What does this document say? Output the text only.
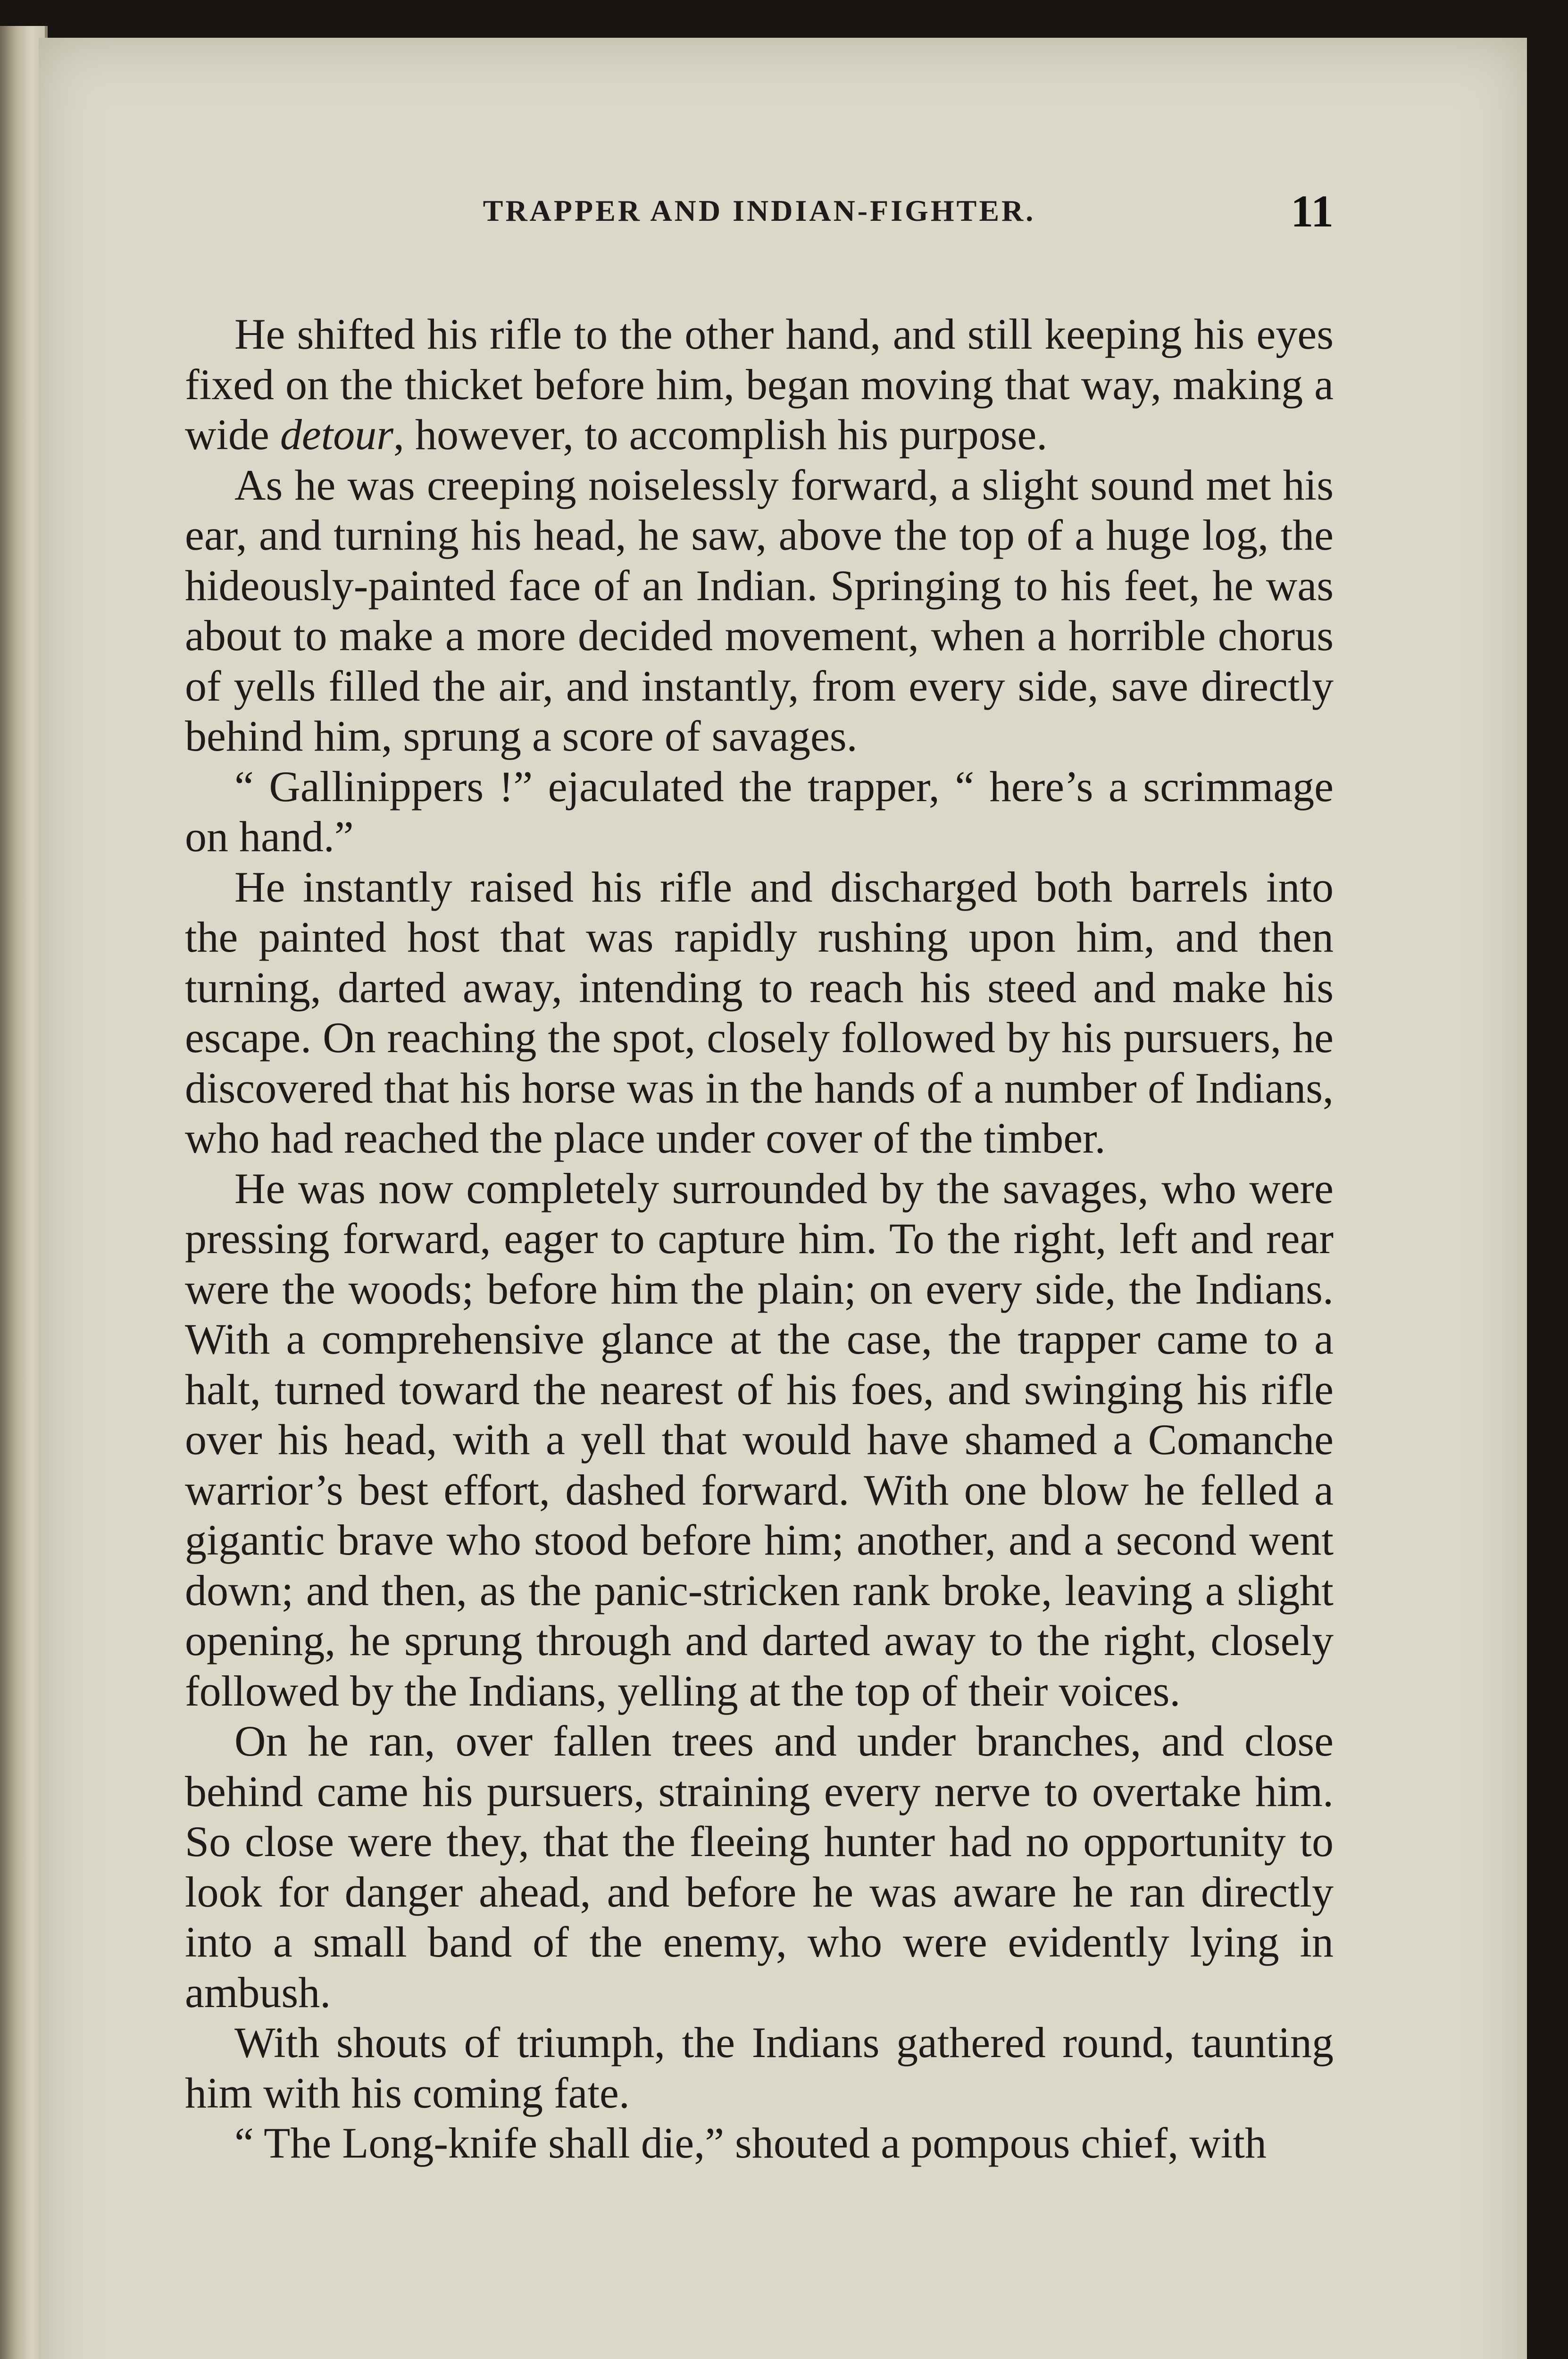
TRAPPER AND INDIAN-FIGHTER.	11

He shifted his rifle to the other hand, and still keeping his eyes fixed on the thicket before him, began moving that way, making a wide detour, however, to accomplish his purpose.

As he was creeping noiselessly forward, a slight sound met his ear, and turning his head, he saw, above the top of a huge log, the hideously-painted face of an Indian. Springing to his feet, he was about to make a more decided movement, when a horrible chorus of yells filled the air, and instantly, from every side, save directly behind him, sprung a score of savages.

“ Gallinippers !” ejaculated the trapper, “ here’s a scrimmage on hand.”

He instantly raised his rifle and discharged both barrels into the painted host that was rapidly rushing upon him, and then turning, darted away, intending to reach his steed and make his escape. On reaching the spot, closely followed by his pursuers, he discovered that his horse was in the hands of a number of Indians, who had reached the place under cover of the timber.

He was now completely surrounded by the savages, who were pressing forward, eager to capture him. To the right, left and rear were the woods; before him the plain; on every side, the Indians. With a comprehensive glance at the case, the trapper came to a halt, turned toward the nearest of his foes, and swinging his rifle over his head, with a yell that would have shamed a Comanche warrior’s best effort, dashed forward. With one blow he felled a gigantic brave who stood before him; another, and a second went down; and then, as the panic-stricken rank broke, leaving a slight opening, he sprung through and darted away to the right, closely followed by the Indians, yelling at the top of their voices.

On he ran, over fallen trees and under branches, and close behind came his pursuers, straining every nerve to overtake him. So close were they, that the fleeing hunter had no opportunity to look for danger ahead, and before he was aware he ran directly into a small band of the enemy, who were evidently lying in ambush.

With shouts of triumph, the Indians gathered round, taunting him with his coming fate.

“ The Long-knife shall die,” shouted a pompous chief, with
